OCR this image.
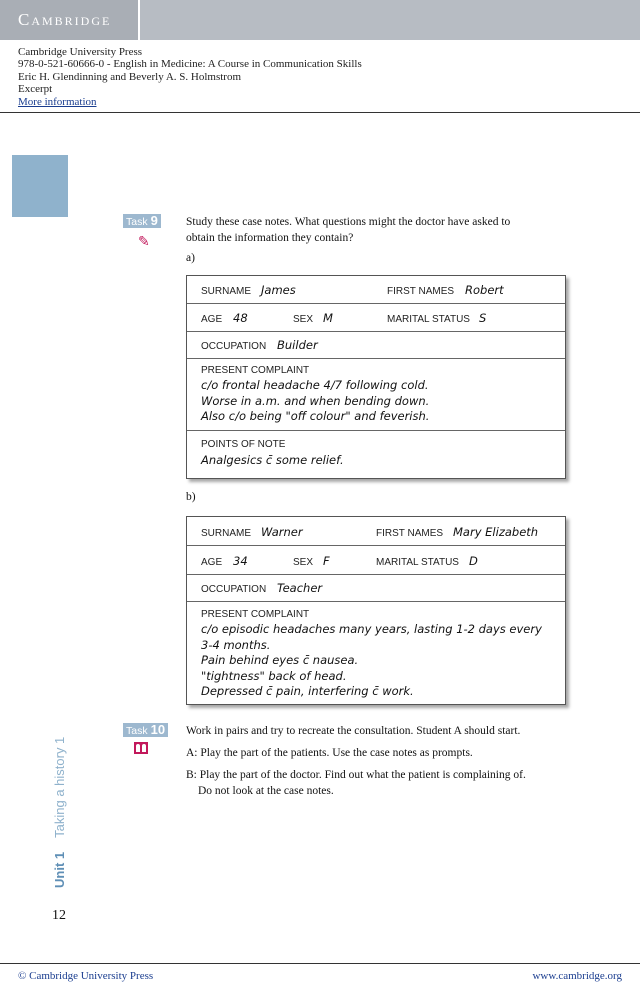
Cambridge
Cambridge University Press
978-0-521-60666-0 - English in Medicine: A Course in Communication Skills
Eric H. Glendinning and Beverly A. S. Holmstrom
Excerpt
More information
Task 9
✎
Study these case notes. What questions might the doctor have asked to
obtain the information they contain?
a)
SURNAME James	FIRST NAMES Robert
AGE 48	SEX M	MARITAL STATUS S
OCCUPATION Builder
PRESENT COMPLAINT
c/o frontal headache 4/7 following cold.
Worse in a.m. and when bending down.
Also c/o being "off colour" and feverish.
POINTS OF NOTE
Analgesics c̄ some relief.
b)
SURNAME Warner	FIRST NAMES Mary Elizabeth
AGE 34	SEX F	MARITAL STATUS D
OCCUPATION Teacher
PRESENT COMPLAINT
c/o episodic headaches many years, lasting 1-2 days every
3-4 months.
Pain behind eyes c̄ nausea.
"tightness" back of head.
Depressed c̄ pain, interfering c̄ work.
Task 10 Work in pairs and try to recreate the consultation. Student A should start.
A: Play the part of the patients. Use the case notes as prompts.
B: Play the part of the doctor. Find out what the patient is complaining of.
Do not look at the case notes.
Unit 1Taking a history 1
12
© Cambridge University Press	www.cambridge.org
